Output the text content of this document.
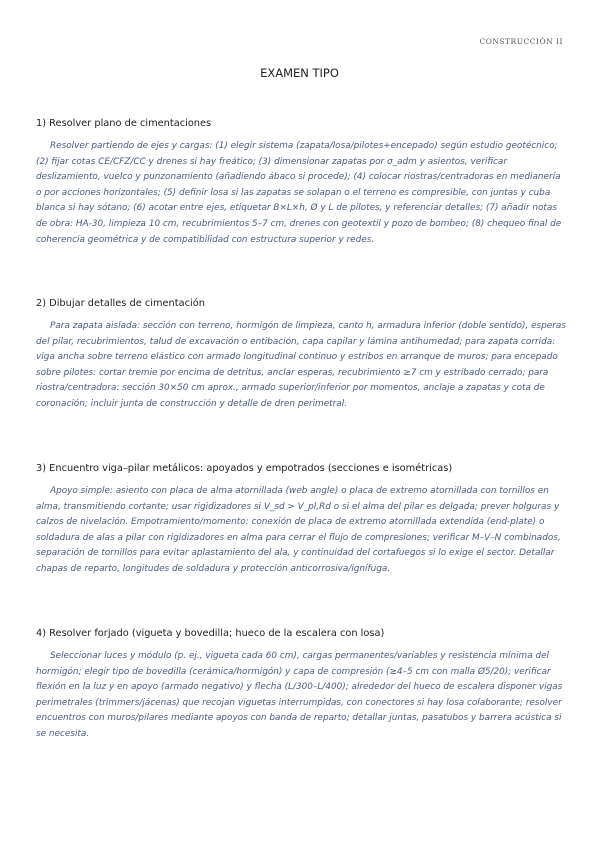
CONSTRUCCIÓN II
EXAMEN TIPO
1) Resolver plano de cimentaciones

Resolver partiendo de ejes y cargas: (1) elegir sistema (zapata/losa/pilotes+encepado) según estudio geotécnico; (2) fijar cotas CE/CFZ/CC y drenes si hay freático; (3) dimensionar zapatas por σ_adm y asientos, verificar deslizamiento, vuelco y punzonamiento (añadiendo ábaco si procede); (4) colocar riostras/centradoras en medianería o por acciones horizontales; (5) definir losa si las zapatas se solapan o el terreno es compresible, con juntas y cuba blanca si hay sótano; (6) acotar entre ejes, etiquetar B×L×h, Ø y L de pilotes, y referenciar detalles; (7) añadir notas de obra: HA-30, limpieza 10 cm, recubrimientos 5–7 cm, drenes con geotextil y pozo de bombeo; (8) chequeo final de coherencia geométrica y de compatibilidad con estructura superior y redes.

2) Dibujar detalles de cimentación

Para zapata aislada: sección con terreno, hormigón de limpieza, canto h, armadura inferior (doble sentido), esperas del pilar, recubrimientos, talud de excavación o entibación, capa capilar y lámina antihumedad; para zapata corrida: viga ancha sobre terreno elástico con armado longitudinal continuo y estribos en arranque de muros; para encepado sobre pilotes: cortar tremie por encima de detritus, anclar esperas, recubrimiento ≥7 cm y estribado cerrado; para riostra/centradora: sección 30×50 cm aprox., armado superior/inferior por momentos, anclaje a zapatas y cota de coronación; incluir junta de construcción y detalle de dren perimetral.

3) Encuentro viga–pilar metálicos: apoyados y empotrados (secciones e isométricas)

Apoyo simple: asiento con placa de alma atornillada (web angle) o placa de extremo atornillada con tornillos en alma, transmitiendo cortante; usar rigidizadores si V_sd > V_pl,Rd o si el alma del pilar es delgada; prever holguras y calzos de nivelación. Empotramiento/momento: conexión de placa de extremo atornillada extendida (end-plate) o soldadura de alas a pilar con rigidizadores en alma para cerrar el flujo de compresiones; verificar M–V–N combinados, separación de tornillos para evitar aplastamiento del ala, y continuidad del cortafuegos si lo exige el sector. Detallar chapas de reparto, longitudes de soldadura y protección anticorrosiva/ignífuga.

4) Resolver forjado (vigueta y bovedilla; hueco de la escalera con losa)

Seleccionar luces y módulo (p. ej., vigueta cada 60 cm), cargas permanentes/variables y resistencia mínima del hormigón; elegir tipo de bovedilla (cerámica/hormigón) y capa de compresión (≥4–5 cm con malla Ø5/20); verificar flexión en la luz y en apoyo (armado negativo) y flecha (L/300–L/400); alrededor del hueco de escalera disponer vigas perimetrales (trimmers/jácenas) que recojan viguetas interrumpidas, con conectores si hay losa colaborante; resolver encuentros con muros/pilares mediante apoyos con banda de reparto; detallar juntas, pasatubos y barrera acústica si se necesita.
